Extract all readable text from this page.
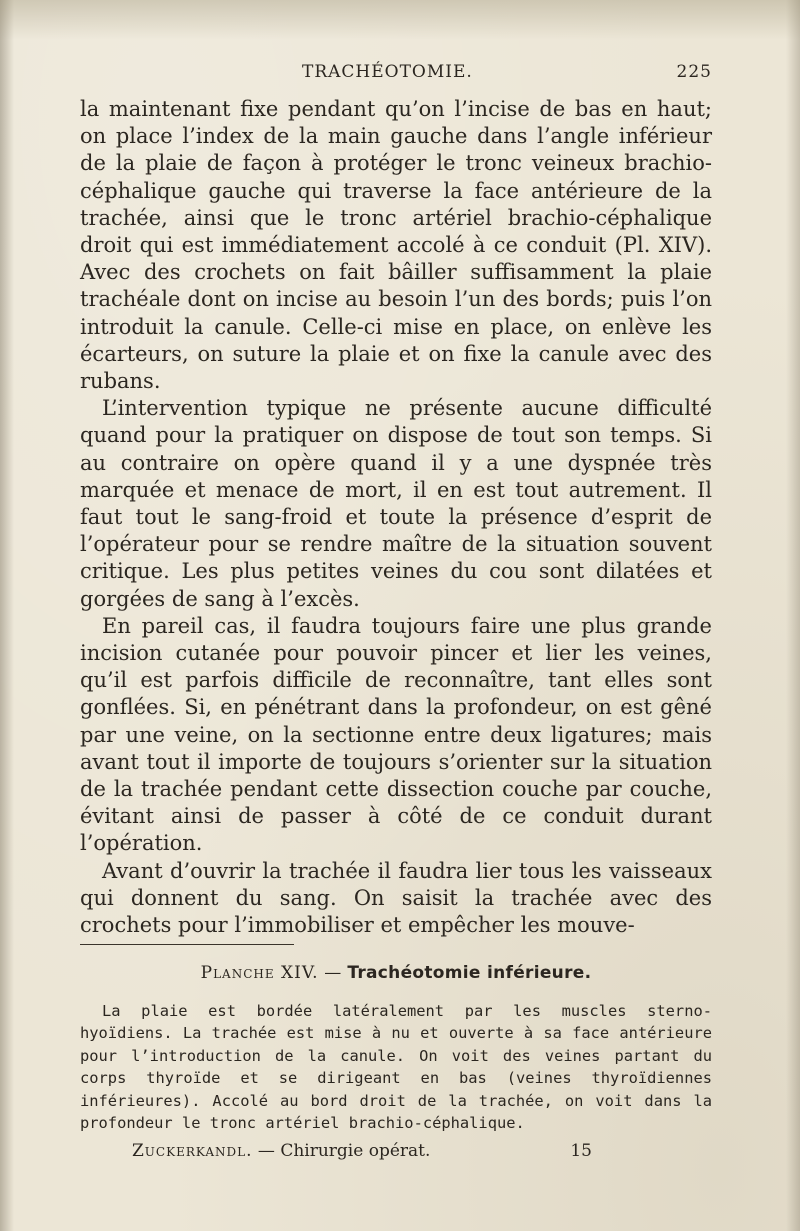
TRACHÉOTOMIE.	225

la maintenant fixe pendant qu’on l’incise de bas en haut; on place l’index de la main gauche dans l’angle inférieur de la plaie de façon à protéger le tronc veineux brachio-céphalique gauche qui traverse la face antérieure de la trachée, ainsi que le tronc artériel brachio-céphalique droit qui est immédiatement accolé à ce conduit (Pl. XIV). Avec des crochets on fait bâiller suffisamment la plaie trachéale dont on incise au besoin l’un des bords; puis l’on introduit la canule. Celle-ci mise en place, on enlève les écarteurs, on suture la plaie et on fixe la canule avec des rubans.

L’intervention typique ne présente aucune difficulté quand pour la pratiquer on dispose de tout son temps. Si au contraire on opère quand il y a une dyspnée très marquée et menace de mort, il en est tout autrement. Il faut tout le sang-froid et toute la présence d’esprit de l’opérateur pour se rendre maître de la situation souvent critique. Les plus petites veines du cou sont dilatées et gorgées de sang à l’excès.

En pareil cas, il faudra toujours faire une plus grande incision cutanée pour pouvoir pincer et lier les veines, qu’il est parfois difficile de reconnaître, tant elles sont gonflées. Si, en pénétrant dans la profondeur, on est gêné par une veine, on la sectionne entre deux ligatures; mais avant tout il importe de toujours s’orienter sur la situation de la trachée pendant cette dissection couche par couche, évitant ainsi de passer à côté de ce conduit durant l’opération.

Avant d’ouvrir la trachée il faudra lier tous les vaisseaux qui donnent du sang. On saisit la trachée avec des crochets pour l’immobiliser et empêcher les mouve-

Planche XIV. — Trachéotomie inférieure.

La plaie est bordée latéralement par les muscles sterno-hyoïdiens. La trachée est mise à nu et ouverte à sa face antérieure pour l’introduction de la canule. On voit des veines partant du corps thyroïde et se dirigeant en bas (veines thyroïdiennes inférieures). Accolé au bord droit de la trachée, on voit dans la profondeur le tronc artériel brachio-céphalique.

Zuckerkandl. — Chirurgie opérat.	15
